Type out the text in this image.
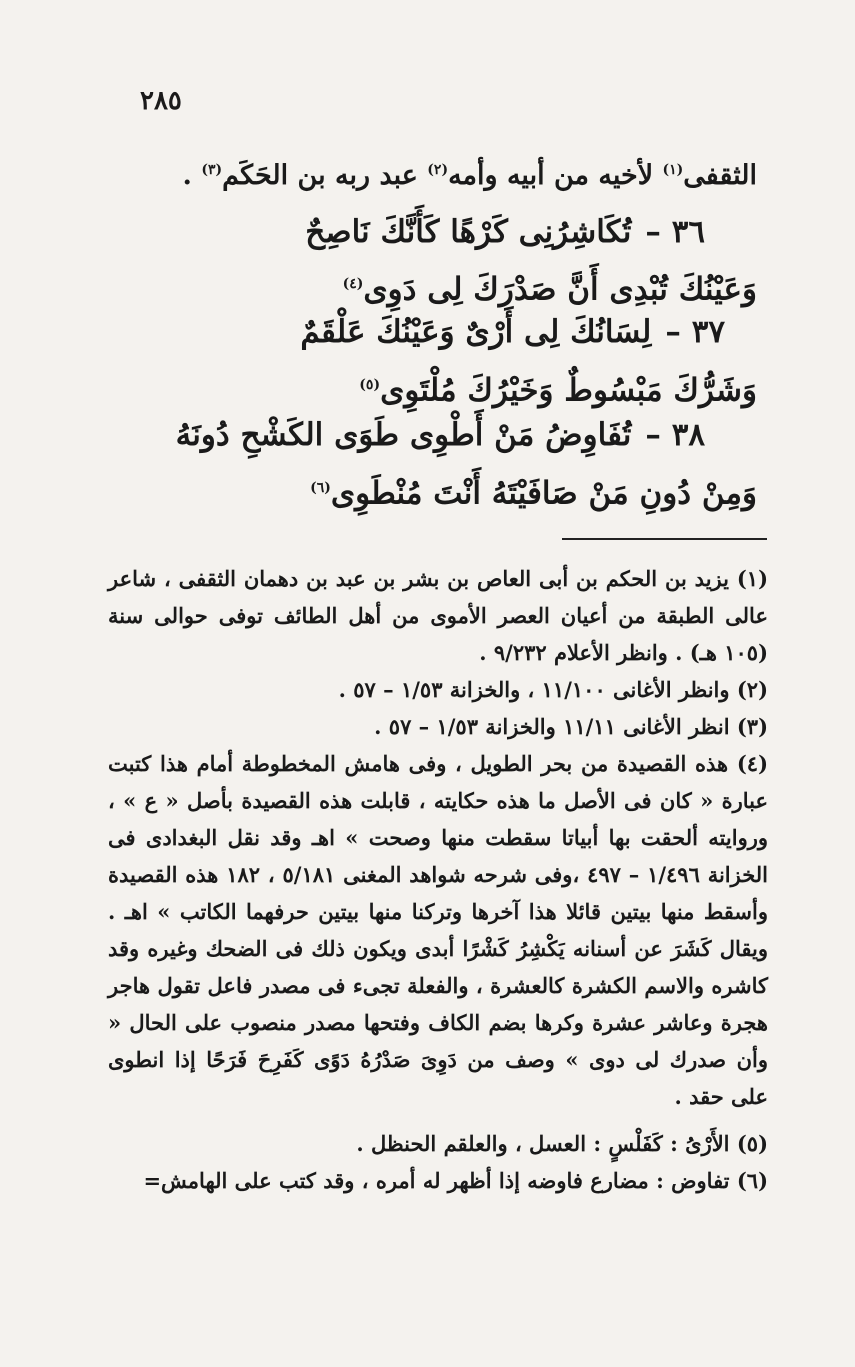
٢٨٥
الثقفى$^{(١)}$ لأخيه من أبيه وأمه$^{(٢)}$ عبد ربه بن الحَكَم$^{(٣)}$ .
٣٦ –تُكَاشِرُنِى كَرْهًا كَأَنَّكَ نَاصِحٌ
وَعَيْنُكَ تُبْدِى أَنَّ صَدْرَكَ لِى دَوِى$^{(٤)}$
٣٧ –لِسَانُكَ لِى أَرْىٌ وَعَيْنُكَ عَلْقَمٌ
وَشَرُّكَ مَبْسُوطٌ وَخَيْرُكَ مُلْتَوِى$^{(٥)}$
٣٨ –تُفَاوِضُ مَنْ أَطْوِى طَوَى الكَشْحِ دُونَهُ
وَمِنْ دُونِ مَنْ صَافَيْتَهُ أَنْتَ مُنْطَوِى$^{(٦)}$

(١) يزيد بن الحكم بن أبى العاص بن بشر بن عبد بن دهمان الثقفى ، شاعر عالى الطبقة من أعيان العصر الأموى من أهل الطائف توفى حوالى سنة (١٠٥ هـ) . وانظر الأعلام ٩/٢٣٢ .

(٢) وانظر الأغانى ١١/١٠٠ ، والخزانة ١/٥٣ – ٥٧ .

(٣) انظر الأغانى ١١/١١ والخزانة ١/٥٣ – ٥٧ .

(٤) هذه القصيدة من بحر الطويل ، وفى هامش المخطوطة أمام هذا كتبت عبارة « كان فى الأصل ما هذه حكايته ، قابلت هذه القصيدة بأصل « ع » ، وروايته ألحقت بها أبياتا سقطت منها وصحت » اهـ وقد نقل البغدادى فى الخزانة ١/٤٩٦ – ٤٩٧ ،وفى شرحه شواهد المغنى ٥/١٨١ ، ١٨٢ هذه القصيدة وأسقط منها بيتين قائلا هذا آخرها وتركنا منها بيتين حرفهما الكاتب » اهـ . ويقال كَشَرَ عن أسنانه يَكْشِرُ كَشْرًا أبدى ويكون ذلك فى الضحك وغيره وقد كاشره والاسم الكشرة كالعشرة ، والفعلة تجىء فى مصدر فاعل تقول هاجر هجرة وعاشر عشرة وكرها بضم الكاف وفتحها مصدر منصوب على الحال « وأن صدرك لى دوى » وصف من دَوِىَ صَدْرُهُ دَوًى كَفَرِحَ فَرَحًا إذا انطوى على حقد .

(٥) الأَرْىُ : كَفَلْسٍ : العسل ، والعلقم الحنظل .

(٦) تفاوض : مضارع فاوضه إذا أظهر له أمره ، وقد كتب على الهامش=
